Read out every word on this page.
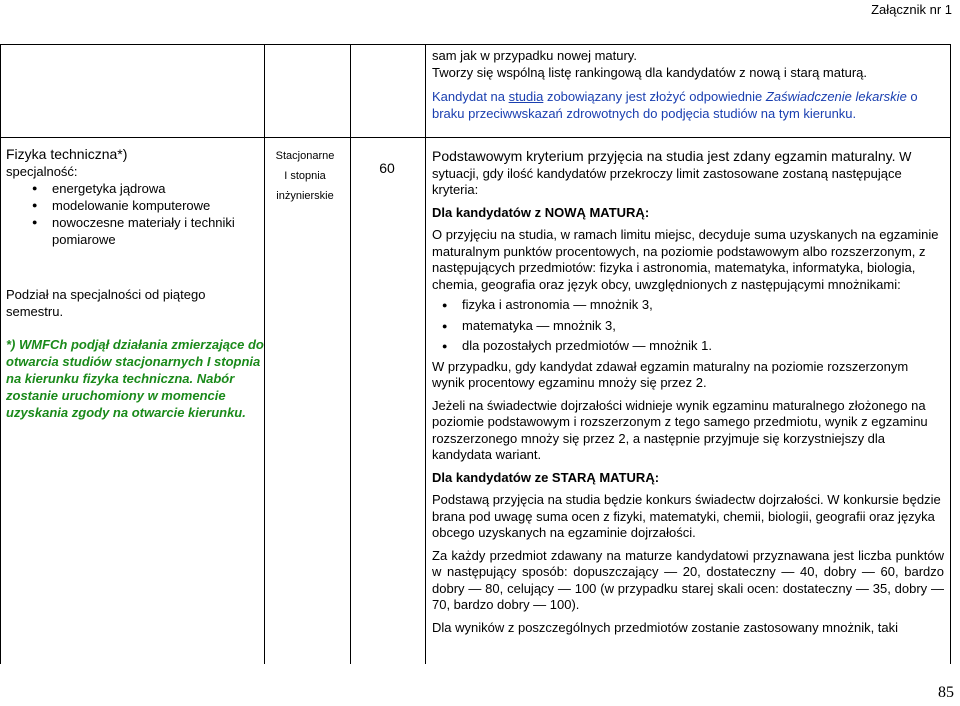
Załącznik nr 1
Fizyka techniczna*)
specjalność:
● energetyka jądrowa
● modelowanie komputerowe
● nowoczesne materiały i techniki pomiarowe
Podział na specjalności od piątego semestru.
*) WMFCh podjął działania zmierzające do otwarcia studiów stacjonarnych I stopnia na kierunku fizyka techniczna. Nabór zostanie uruchomiony w momencie uzyskania zgody na otwarcie kierunku.
Stacjonarne
I stopnia
inżynierskie
60

sam jak w przypadku nowej matury.

Tworzy się wspólną listę rankingową dla kandydatów z nową i starą maturą.

Kandydat na studia zobowiązany jest złożyć odpowiednie Zaświadczenie lekarskie o braku przeciwwskazań zdrowotnych do podjęcia studiów na tym kierunku.

Podstawowym kryterium przyjęcia na studia jest zdany egzamin maturalny. W sytuacji, gdy ilość kandydatów przekroczy limit zastosowane zostaną następujące kryteria:

Dla kandydatów z NOWĄ MATURĄ:

O przyjęciu na studia, w ramach limitu miejsc, decyduje suma uzyskanych na egzaminie maturalnym punktów procentowych, na poziomie podstawowym albo rozszerzonym, z następujących przedmiotów: fizyka i astronomia, matematyka, informatyka, biologia, chemia, geografia oraz język obcy, uwzględnionych z następującymi mnożnikami:

● fizyka i astronomia — mnożnik 3,
● matematyka — mnożnik 3,
● dla pozostałych przedmiotów — mnożnik 1.

W przypadku, gdy kandydat zdawał egzamin maturalny na poziomie rozszerzonym wynik procentowy egzaminu mnoży się przez 2.

Jeżeli na świadectwie dojrzałości widnieje wynik egzaminu maturalnego złożonego na poziomie podstawowym i rozszerzonym z tego samego przedmiotu, wynik z egzaminu rozszerzonego mnoży się przez 2, a następnie przyjmuje się korzystniejszy dla kandydata wariant.

Dla kandydatów ze STARĄ MATURĄ:

Podstawą przyjęcia na studia będzie konkurs świadectw dojrzałości. W konkursie będzie brana pod uwagę suma ocen z fizyki, matematyki, chemii, biologii, geografii oraz języka obcego uzyskanych na egzaminie dojrzałości.

Za każdy przedmiot zdawany na maturze kandydatowi przyznawana jest liczba punktów w następujący sposób: dopuszczający — 20, dostateczny — 40, dobry — 60, bardzo dobry — 80, celujący — 100 (w przypadku starej skali ocen: dostateczny — 35, dobry — 70, bardzo dobry — 100).

Dla wyników z poszczególnych przedmiotów zostanie zastosowany mnożnik, taki

85
